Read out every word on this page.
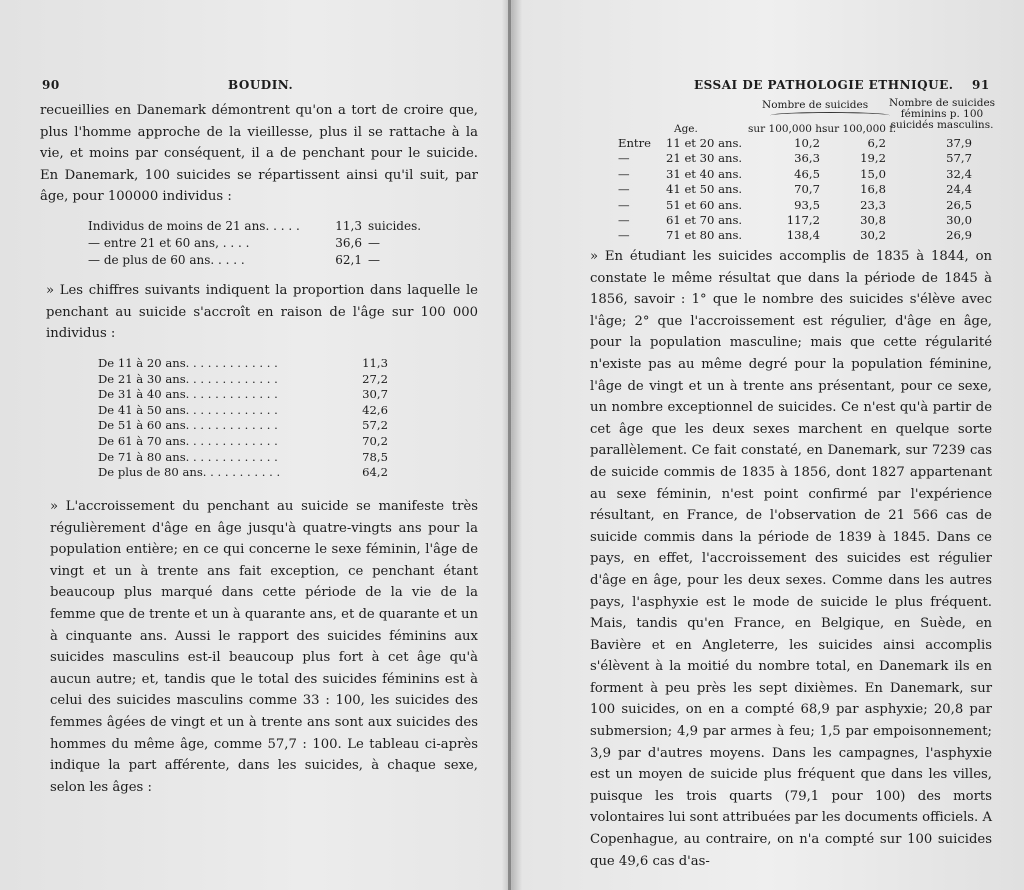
90	BOUDIN.

recueillies en Danemark démontrent qu'on a tort de croire que, plus l'homme approche de la vieillesse, plus il se rattache à la vie, et moins par conséquent, il a de penchant pour le suicide. En Danemark, 100 suicides se répartissent ainsi qu'il suit, par âge, pour 100000 individus :

Individus de moins de 21 ans. . . . .	11,3 suicides.
— entre 21 et 60 ans, . . . .	36,6 —
— de plus de 60 ans. . . . .	62,1 —

» Les chiffres suivants indiquent la proportion dans laquelle le penchant au suicide s'accroît en raison de l'âge sur 100 000 individus :

De 11 à 20 ans. . . . . . . . . . . . .	11,3
De 21 à 30 ans. . . . . . . . . . . . .	27,2
De 31 à 40 ans. . . . . . . . . . . . .	30,7
De 41 à 50 ans. . . . . . . . . . . . .	42,6
De 51 à 60 ans. . . . . . . . . . . . .	57,2
De 61 à 70 ans. . . . . . . . . . . . .	70,2
De 71 à 80 ans. . . . . . . . . . . . .	78,5
De plus de 80 ans. . . . . . . . . . .	64,2

» L'accroissement du penchant au suicide se manifeste très régulièrement d'âge en âge jusqu'à quatre-vingts ans pour la population entière; en ce qui concerne le sexe féminin, l'âge de vingt et un à trente ans fait exception, ce penchant étant beaucoup plus marqué dans cette période de la vie de la femme que de trente et un à quarante ans, et de quarante et un à cinquante ans. Aussi le rapport des suicides féminins aux suicides masculins est-il beaucoup plus fort à cet âge qu'à aucun autre; et, tandis que le total des suicides féminins est à celui des suicides masculins comme 33 : 100, les suicides des femmes âgées de vingt et un à trente ans sont aux suicides des hommes du même âge, comme 57,7 : 100. Le tableau ci-après indique la part afférente, dans les suicides, à chaque sexe, selon les âges :

ESSAI DE PATHOLOGIE ETHNIQUE. 91
Nombre de suicides Nombre de suicides féminins p. 100 suicidés masculins.
Age.	sur 100,000 h.
sur 100,000 f.
Entre	11 et 20 ans.	10,2	6,2	37,9
—	21 et 30 ans.	36,3	19,2	57,7
—	31 et 40 ans.	46,5	15,0	32,4
—	41 et 50 ans.	70,7	16,8	24,4
—	51 et 60 ans.	93,5	23,3	26,5
—	61 et 70 ans.	117,2	30,8	30,0
—	71 et 80 ans.	138,4	30,2	26,9

» En étudiant les suicides accomplis de 1835 à 1844, on constate le même résultat que dans la période de 1845 à 1856, savoir : 1° que le nombre des suicides s'élève avec l'âge; 2° que l'accroissement est régulier, d'âge en âge, pour la population masculine; mais que cette régularité n'existe pas au même degré pour la population féminine, l'âge de vingt et un à trente ans présentant, pour ce sexe, un nombre exceptionnel de suicides. Ce n'est qu'à partir de cet âge que les deux sexes marchent en quelque sorte parallèlement. Ce fait constaté, en Danemark, sur 7239 cas de suicide commis de 1835 à 1856, dont 1827 appartenant au sexe féminin, n'est point confirmé par l'expérience résultant, en France, de l'observation de 21 566 cas de suicide commis dans la période de 1839 à 1845. Dans ce pays, en effet, l'accroissement des suicides est régulier d'âge en âge, pour les deux sexes. Comme dans les autres pays, l'asphyxie est le mode de suicide le plus fréquent. Mais, tandis qu'en France, en Belgique, en Suède, en Bavière et en Angleterre, les suicides ainsi accomplis s'élèvent à la moitié du nombre total, en Danemark ils en forment à peu près les sept dixièmes. En Danemark, sur 100 suicides, on en a compté 68,9 par asphyxie; 20,8 par submersion; 4,9 par armes à feu; 1,5 par empoisonnement; 3,9 par d'autres moyens. Dans les campagnes, l'asphyxie est un moyen de suicide plus fréquent que dans les villes, puisque les trois quarts (79,1 pour 100) des morts volontaires lui sont attribuées par les documents officiels. A Copenhague, au contraire, on n'a compté sur 100 suicides que 49,6 cas d'as-
